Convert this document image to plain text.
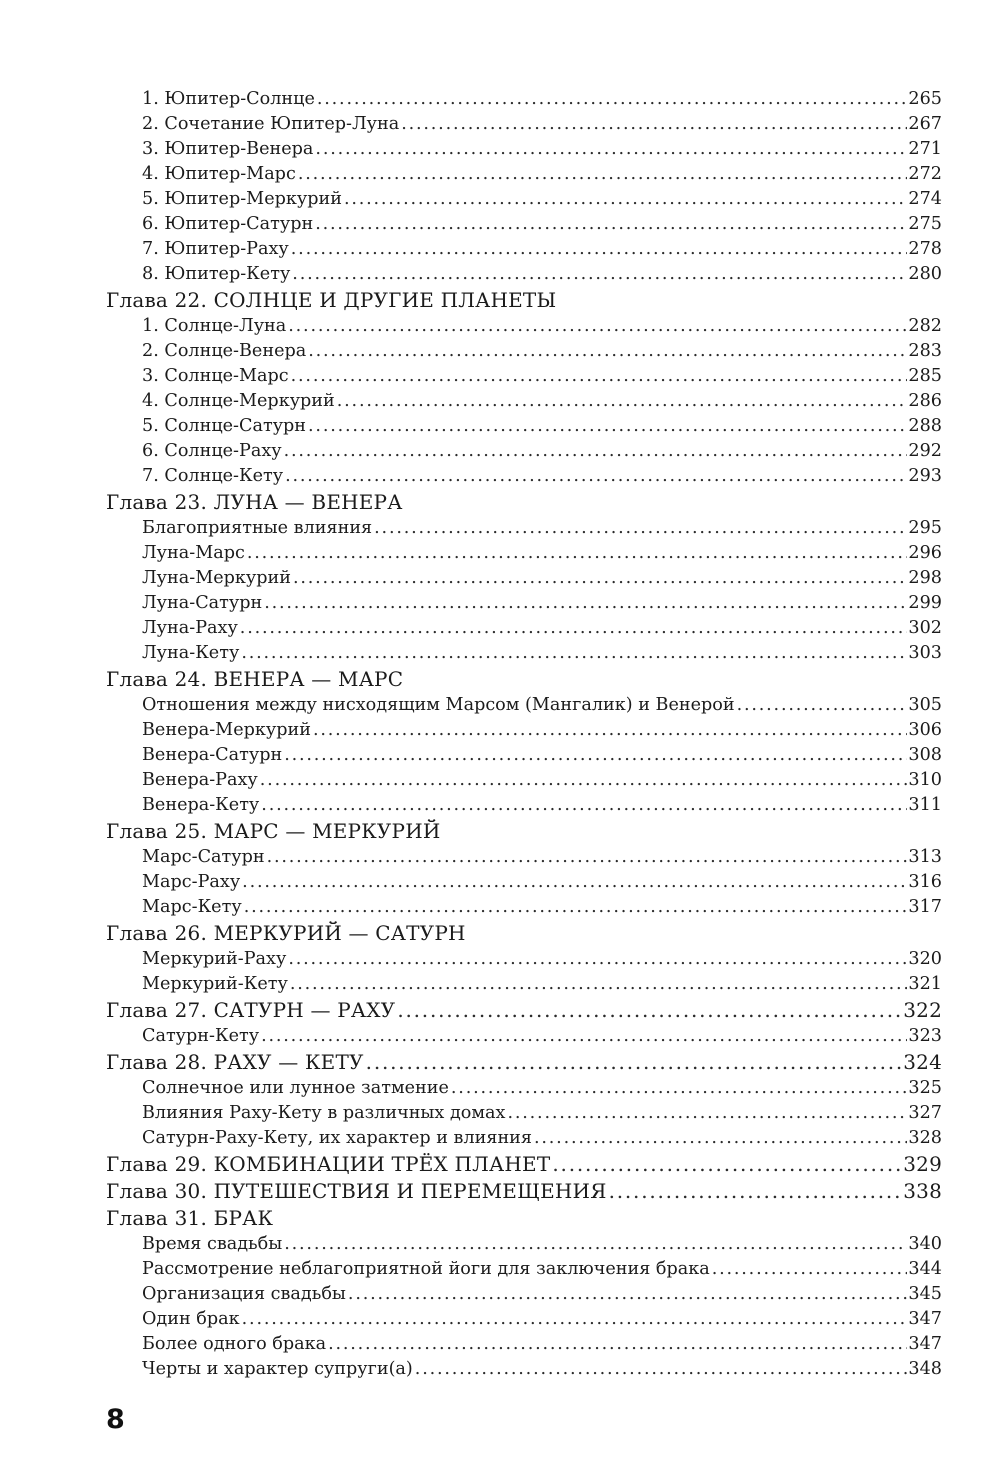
1. Юпитер-Солнце .....	265
2. Сочетание Юпитер-Луна .....	267
3. Юпитер-Венера .....	271
4. Юпитер-Марс .....	272
5. Юпитер-Меркурий .....	274
6. Юпитер-Сатурн .....	275
7. Юпитер-Раху .....	278
8. Юпитер-Кету .....	280
Глава 22. СОЛНЦЕ И ДРУГИЕ ПЛАНЕТЫ
1. Солнце-Луна .....	282
2. Солнце-Венера .....	283
3. Солнце-Марс .....	285
4. Солнце-Меркурий .....	286
5. Солнце-Сатурн .....	288
6. Солнце-Раху .....	292
7. Солнце-Кету .....	293
Глава 23. ЛУНА — ВЕНЕРА
Благоприятные влияния .....	295
Луна-Марс .....	296
Луна-Меркурий .....	298
Луна-Сатурн .....	299
Луна-Раху .....	302
Луна-Кету .....	303
Глава 24. ВЕНЕРА — МАРС
Отношения между нисходящим Марсом (Мангалик) и Венерой .....	305
Венера-Меркурий .....	306
Венера-Сатурн .....	308
Венера-Раху .....	310
Венера-Кету .....	311
Глава 25. МАРС — МЕРКУРИЙ
Марс-Сатурн .....	313
Марс-Раху .....	316
Марс-Кету .....	317
Глава 26. МЕРКУРИЙ — САТУРН
Меркурий-Раху .....	320
Меркурий-Кету .....	321
Глава 27. САТУРН — РАХУ .....	322
Сатурн-Кету .....	323
Глава 28. РАХУ — КЕТУ .....	324
Солнечное или лунное затмение .....	325
Влияния Раху-Кету в различных домах .....	327
Сатурн-Раху-Кету, их характер и влияния .....	328
Глава 29. КОМБИНАЦИИ ТРЁХ ПЛАНЕТ .....	329
Глава 30. ПУТЕШЕСТВИЯ И ПЕРЕМЕЩЕНИЯ .....	338
Глава 31. БРАК
Время свадьбы .....	340
Рассмотрение неблагоприятной йоги для заключения брака .....	344
Организация свадьбы .....	345
Один брак .....	347
Более одного брака .....	347
Черты и характер супруги(а) .....	348
8
